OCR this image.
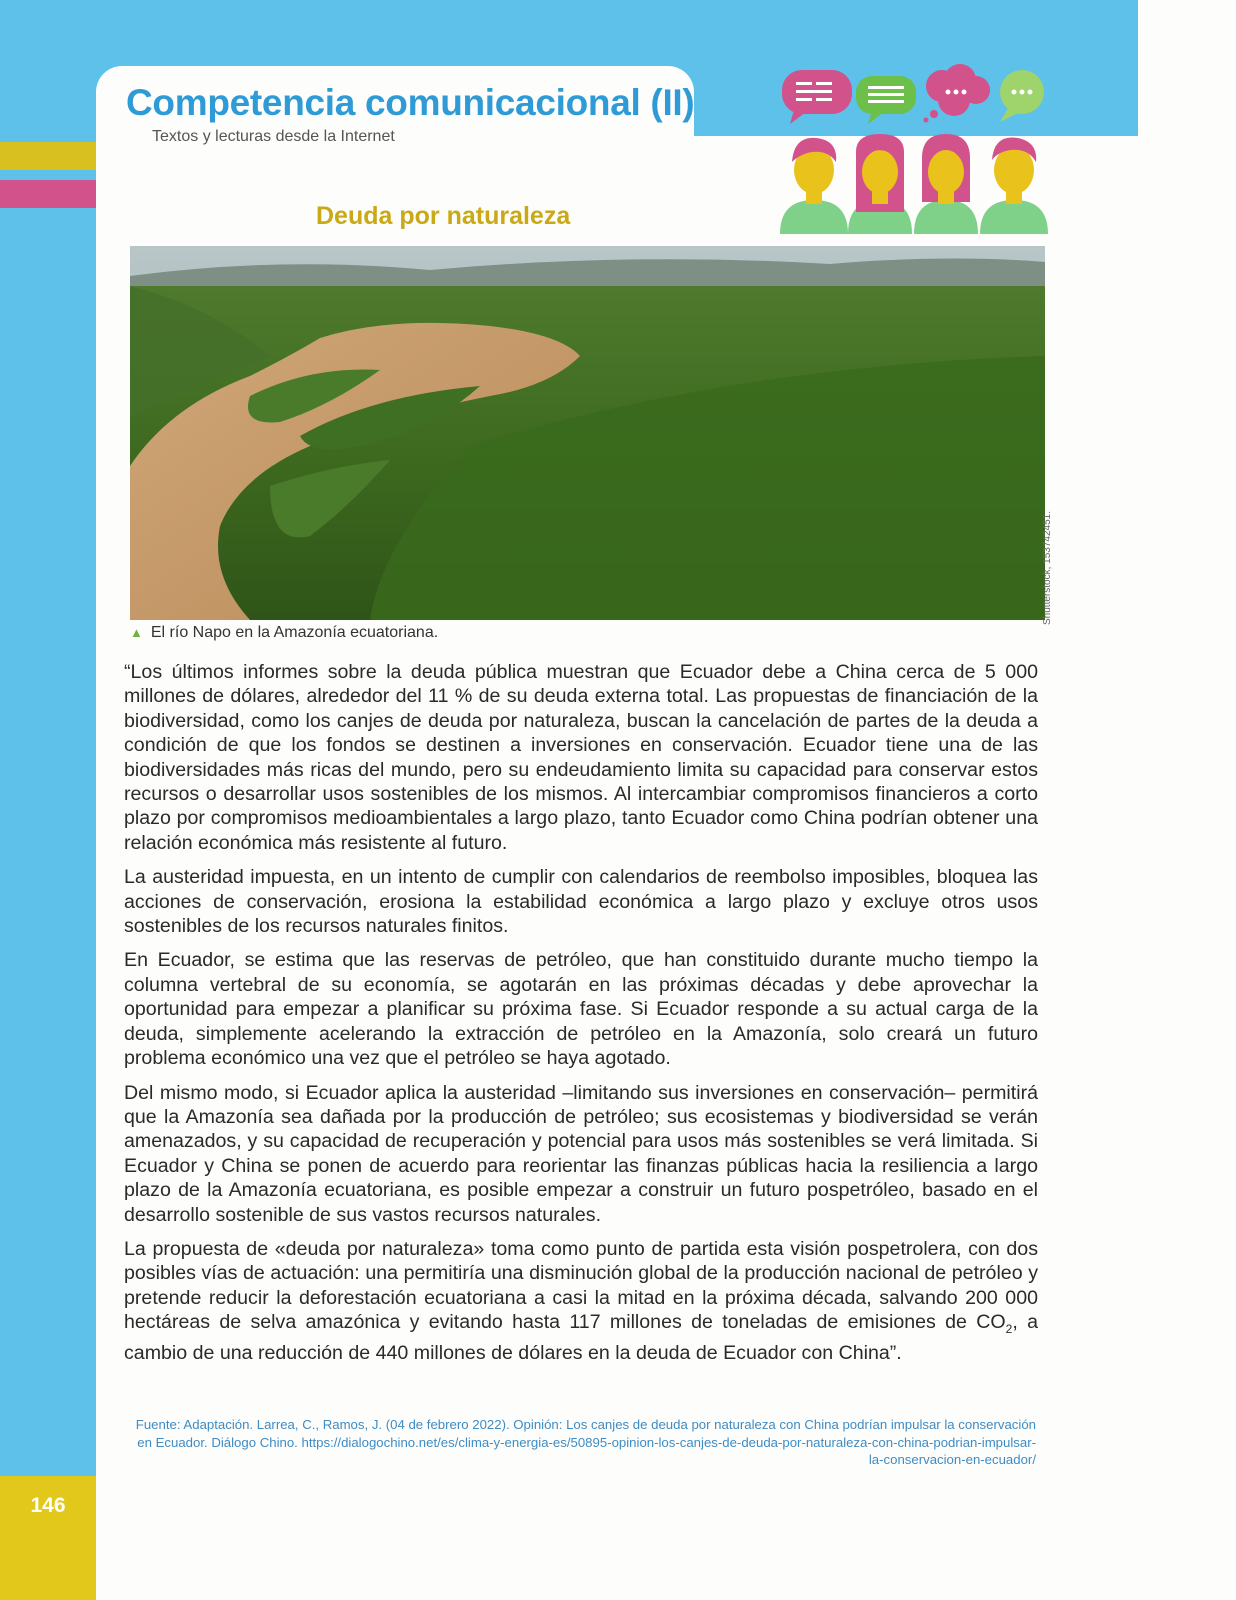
Competencia comunicacional (II)
Textos y lecturas desde la Internet
Deuda por naturaleza
Shutterstock, 153742451.
▲ El río Napo en la Amazonía ecuatoriana.

“Los últimos informes sobre la deuda pública muestran que Ecuador debe a China cerca de 5 000 millones de dólares, alrededor del 11 % de su deuda externa total. Las propuestas de financiación de la biodiversidad, como los canjes de deuda por naturaleza, buscan la cancelación de partes de la deuda a condición de que los fondos se destinen a inversiones en conservación. Ecuador tiene una de las biodiversidades más ricas del mundo, pero su endeudamiento limita su capacidad para conservar estos recursos o desarrollar usos sostenibles de los mismos. Al intercambiar compromisos financieros a corto plazo por compromisos medioambientales a largo plazo, tanto Ecuador como China podrían obtener una relación económica más resistente al futuro.

La austeridad impuesta, en un intento de cumplir con calendarios de reembolso imposibles, bloquea las acciones de conservación, erosiona la estabilidad económica a largo plazo y excluye otros usos sostenibles de los recursos naturales finitos.

En Ecuador, se estima que las reservas de petróleo, que han constituido durante mucho tiempo la columna vertebral de su economía, se agotarán en las próximas décadas y debe aprovechar la oportunidad para empezar a planificar su próxima fase. Si Ecuador responde a su actual carga de la deuda, simplemente acelerando la extracción de petróleo en la Amazonía, solo creará un futuro problema económico una vez que el petróleo se haya agotado.

Del mismo modo, si Ecuador aplica la austeridad –limitando sus inversiones en conservación– permitirá que la Amazonía sea dañada por la producción de petróleo; sus ecosistemas y biodiversidad se verán amenazados, y su capacidad de recuperación y potencial para usos más sostenibles se verá limitada. Si Ecuador y China se ponen de acuerdo para reorientar las finanzas públicas hacia la resiliencia a largo plazo de la Amazonía ecuatoriana, es posible empezar a construir un futuro pospetróleo, basado en el desarrollo sostenible de sus vastos recursos naturales.

La propuesta de «deuda por naturaleza» toma como punto de partida esta visión pospetrolera, con dos posibles vías de actuación: una permitiría una disminución global de la producción nacional de petróleo y pretende reducir la deforestación ecuatoriana a casi la mitad en la próxima década, salvando 200 000 hectáreas de selva amazónica y evitando hasta 117 millones de toneladas de emisiones de $CO_2$, a cambio de una reducción de 440 millones de dólares en la deuda de Ecuador con China”.

Fuente: Adaptación. Larrea, C., Ramos, J. (04 de febrero 2022). Opinión: Los canjes de deuda por naturaleza con China podrían impulsar la conservación en Ecuador. Diálogo Chino. https://dialogochino.net/es/clima-y-energia-es/50895-opinion-los-canjes-de-deuda-por-naturaleza-con-china-podrian-impulsar-la-conservacion-en-ecuador/
146
